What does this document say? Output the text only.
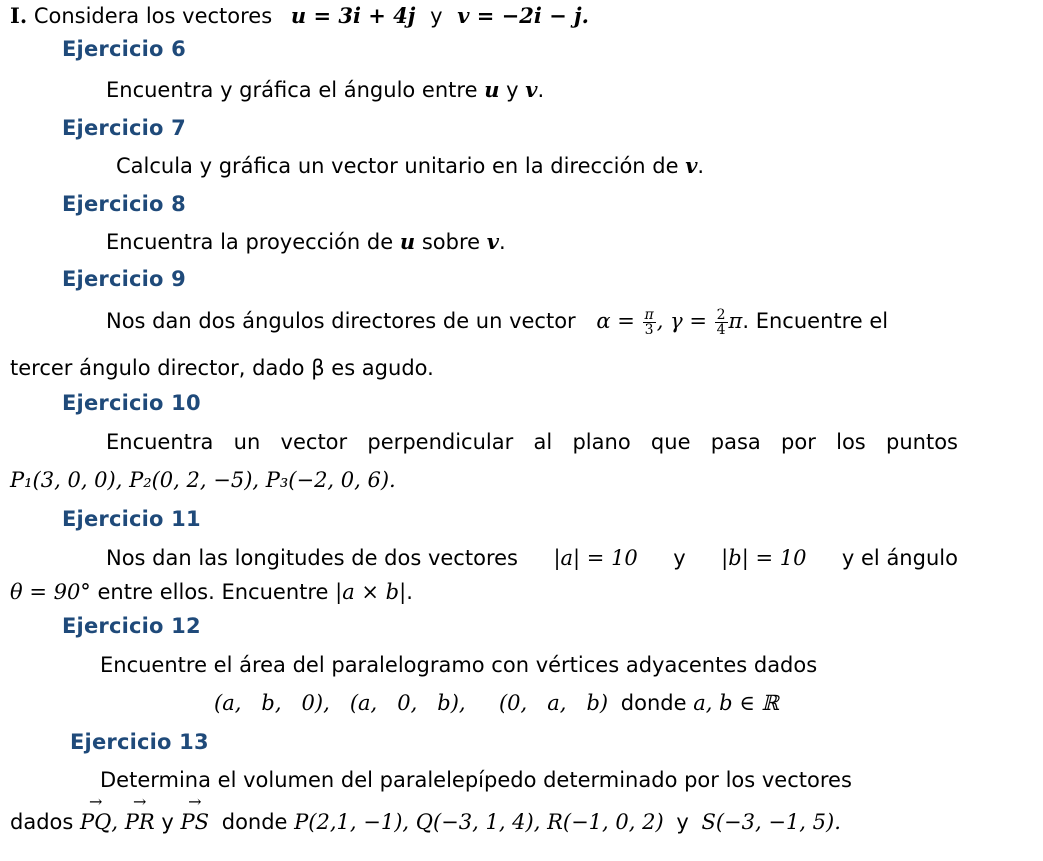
I. Considera los vectores u = 3i + 4j y v = −2i − j.
Ejercicio 6
Encuentra y gráfica el ángulo entre u y v.
Ejercicio 7
Calcula y gráfica un vector unitario en la dirección de v.
Ejercicio 8
Encuentra la proyección de u sobre v.
Ejercicio 9
Nos dan dos ángulos directores de un vector $\alpha = \frac{\pi}{3}$ , $\gamma = \frac{2}{4} \pi$. Encuentre el
tercer ángulo director, dado β es agudo.
Ejercicio 10
Encuentra un vector perpendicular al plano que pasa por los puntos
P₁(3, 0, 0), P₂(0, 2, −5), P₃(−2, 0, 6).
Ejercicio 11
Nos dan las longitudes de dos vectores |a| = 10 y |b| = 10 y el ángulo
θ = 90° entre ellos. Encuentre |a × b|.
Ejercicio 12
Encuentre el área del paralelogramo con vértices adyacentes dados
(a,   b,   0),   (a,   0,   b),     (0,   a,   b) donde a, b ∈ ℝ
Ejercicio 13
Determina el volumen del paralelepípedo determinado por los vectores
dados → PQ, → PR y → PS donde P(2,1, −1), Q(−3, 1, 4), R(−1, 0, 2) y S(−3, −1, 5).
